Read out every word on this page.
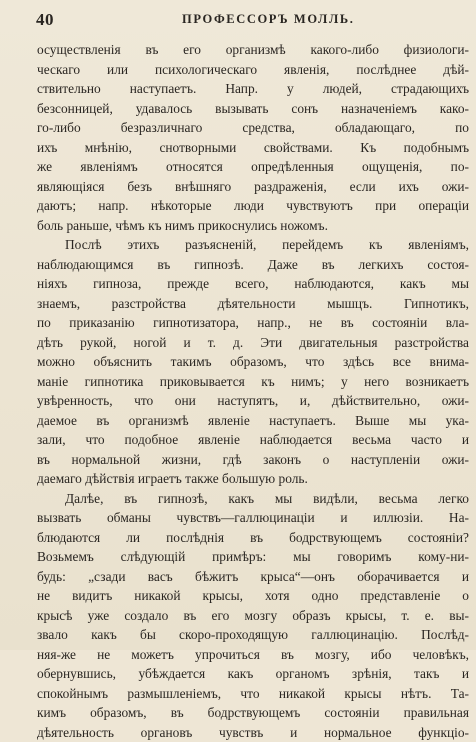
40	ПРОФЕССОРЪ МОЛЛЬ.
осуществленія въ его организмѣ какого-либо физиологи-
ческаго или психологическаго явленія, послѣднее дѣй-
ствительно наступаетъ. Напр. у людей, страдающихъ
безсонницей, удавалось вызывать сонъ назначеніемъ како-
го-либо безразличнаго средства, обладающаго, по
ихъ мнѣнію, снотворными свойствами. Къ подобнымъ
же явленіямъ относятся опредѣленныя ощущенія, по-
являющіяся безъ внѣшняго раздраженія, если ихъ ожи-
даютъ; напр. нѣкоторые люди чувствуютъ при операціи
боль раньше, чѣмъ къ нимъ прикоснулись ножомъ.
Послѣ этихъ разъясненій, перейдемъ къ явленіямъ,
наблюдающимся въ гипнозѣ. Даже въ легкихъ состоя-
ніяхъ гипноза, прежде всего, наблюдаются, какъ мы
знаемъ, разстройства дѣятельности мышцъ. Гипнотикъ,
по приказанію гипнотизатора, напр., не въ состояніи вла-
дѣть рукой, ногой и т. д. Эти двигательныя разстройства
можно объяснить такимъ образомъ, что здѣсь все внима-
маніе гипнотика приковывается къ нимъ; у него возникаетъ
увѣренность, что они наступятъ, и, дѣйствительно, ожи-
даемое въ организмѣ явленіе наступаетъ. Выше мы ука-
зали, что подобное явленіе наблюдается весьма часто и
въ нормальной жизни, гдѣ законъ о наступленіи ожи-
даемаго дѣйствія играетъ также большую роль.
Далѣе, въ гипнозѣ, какъ мы видѣли, весьма легко
вызвать обманы чувствъ—галлюцинаціи и иллюзіи. На-
блюдаются ли послѣднія въ бодрствующемъ состояніи?
Возьмемъ слѣдующій примѣръ: мы говоримъ кому-ни-
будь: „сзади васъ бѣжитъ крыса“—онъ оборачивается и
не видитъ никакой крысы, хотя одно представленіе о
крысѣ уже создало въ его мозгу образъ крысы, т. е. вы-
звало какъ бы скоро-проходящую галлюцинацію. Послѣд-
няя-же не можетъ упрочиться въ мозгу, ибо человѣкъ,
обернувшись, убѣждается какъ органомъ зрѣнія, такъ и
спокойнымъ размышленіемъ, что никакой крысы нѣтъ. Та-
кимъ образомъ, въ бодрствующемъ состояніи правильная
дѣятельность органовъ чувствъ и нормальное функціо-
